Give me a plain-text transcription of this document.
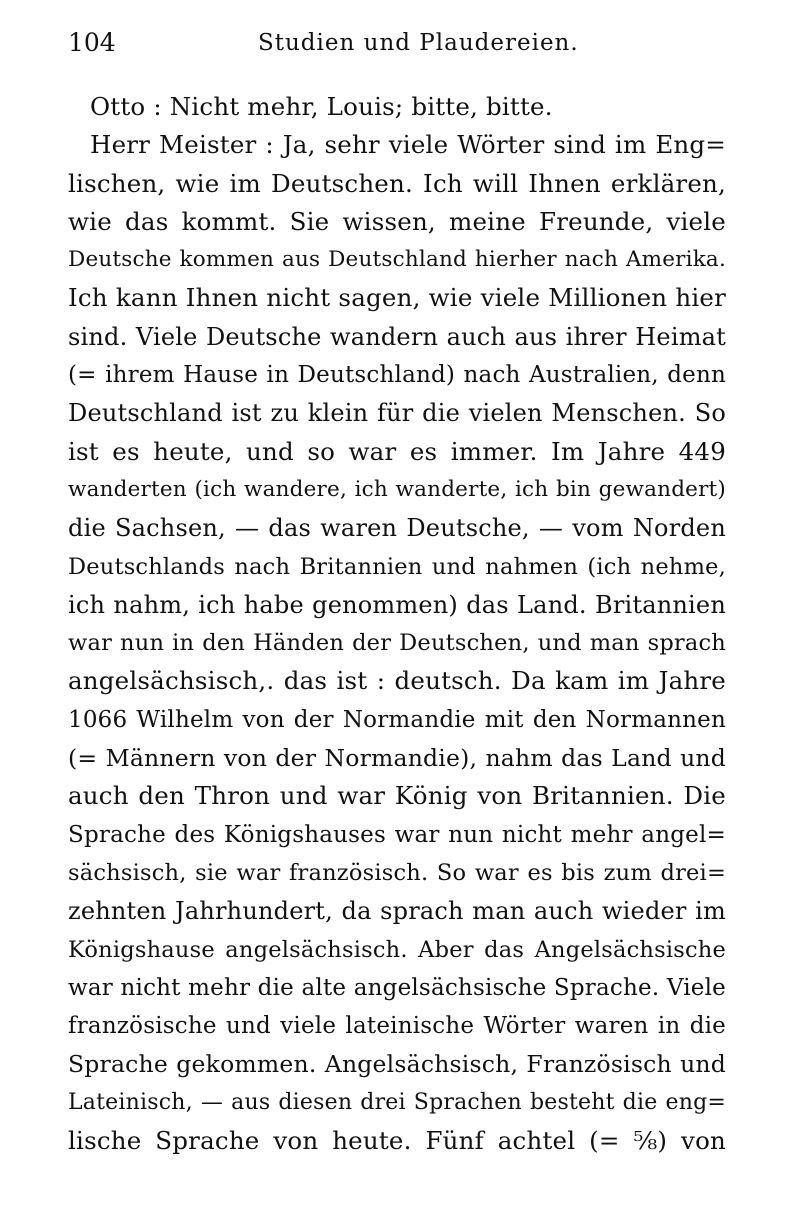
104	Studien und Plaudereien.
Otto : Nicht mehr, Louis; bitte, bitte.
Herr Meister : Ja, sehr viele Wörter sind im Eng=
lischen, wie im Deutschen. Ich will Ihnen erklären,
wie das kommt. Sie wissen, meine Freunde, viele
Deutsche kommen aus Deutschland hierher nach Amerika.
Ich kann Ihnen nicht sagen, wie viele Millionen hier
sind. Viele Deutsche wandern auch aus ihrer Heimat
(= ihrem Hause in Deutschland) nach Australien, denn
Deutschland ist zu klein für die vielen Menschen. So
ist es heute, und so war es immer. Im Jahre 449
wanderten (ich wandere, ich wanderte, ich bin gewandert)
die Sachsen, — das waren Deutsche, — vom Norden
Deutschlands nach Britannien und nahmen (ich nehme,
ich nahm, ich habe genommen) das Land. Britannien
war nun in den Händen der Deutschen, und man sprach
angelsächsisch,. das ist : deutsch. Da kam im Jahre
1066 Wilhelm von der Normandie mit den Normannen
(= Männern von der Normandie), nahm das Land und
auch den Thron und war König von Britannien. Die
Sprache des Königshauses war nun nicht mehr angel=
sächsisch, sie war französisch. So war es bis zum drei=
zehnten Jahrhundert, da sprach man auch wieder im
Königshause angelsächsisch. Aber das Angelsächsische
war nicht mehr die alte angelsächsische Sprache. Viele
französische und viele lateinische Wörter waren in die
Sprache gekommen. Angelsächsisch, Französisch und
Lateinisch, — aus diesen drei Sprachen besteht die eng=
lische Sprache von heute. Fünf achtel (= ⅝) von
